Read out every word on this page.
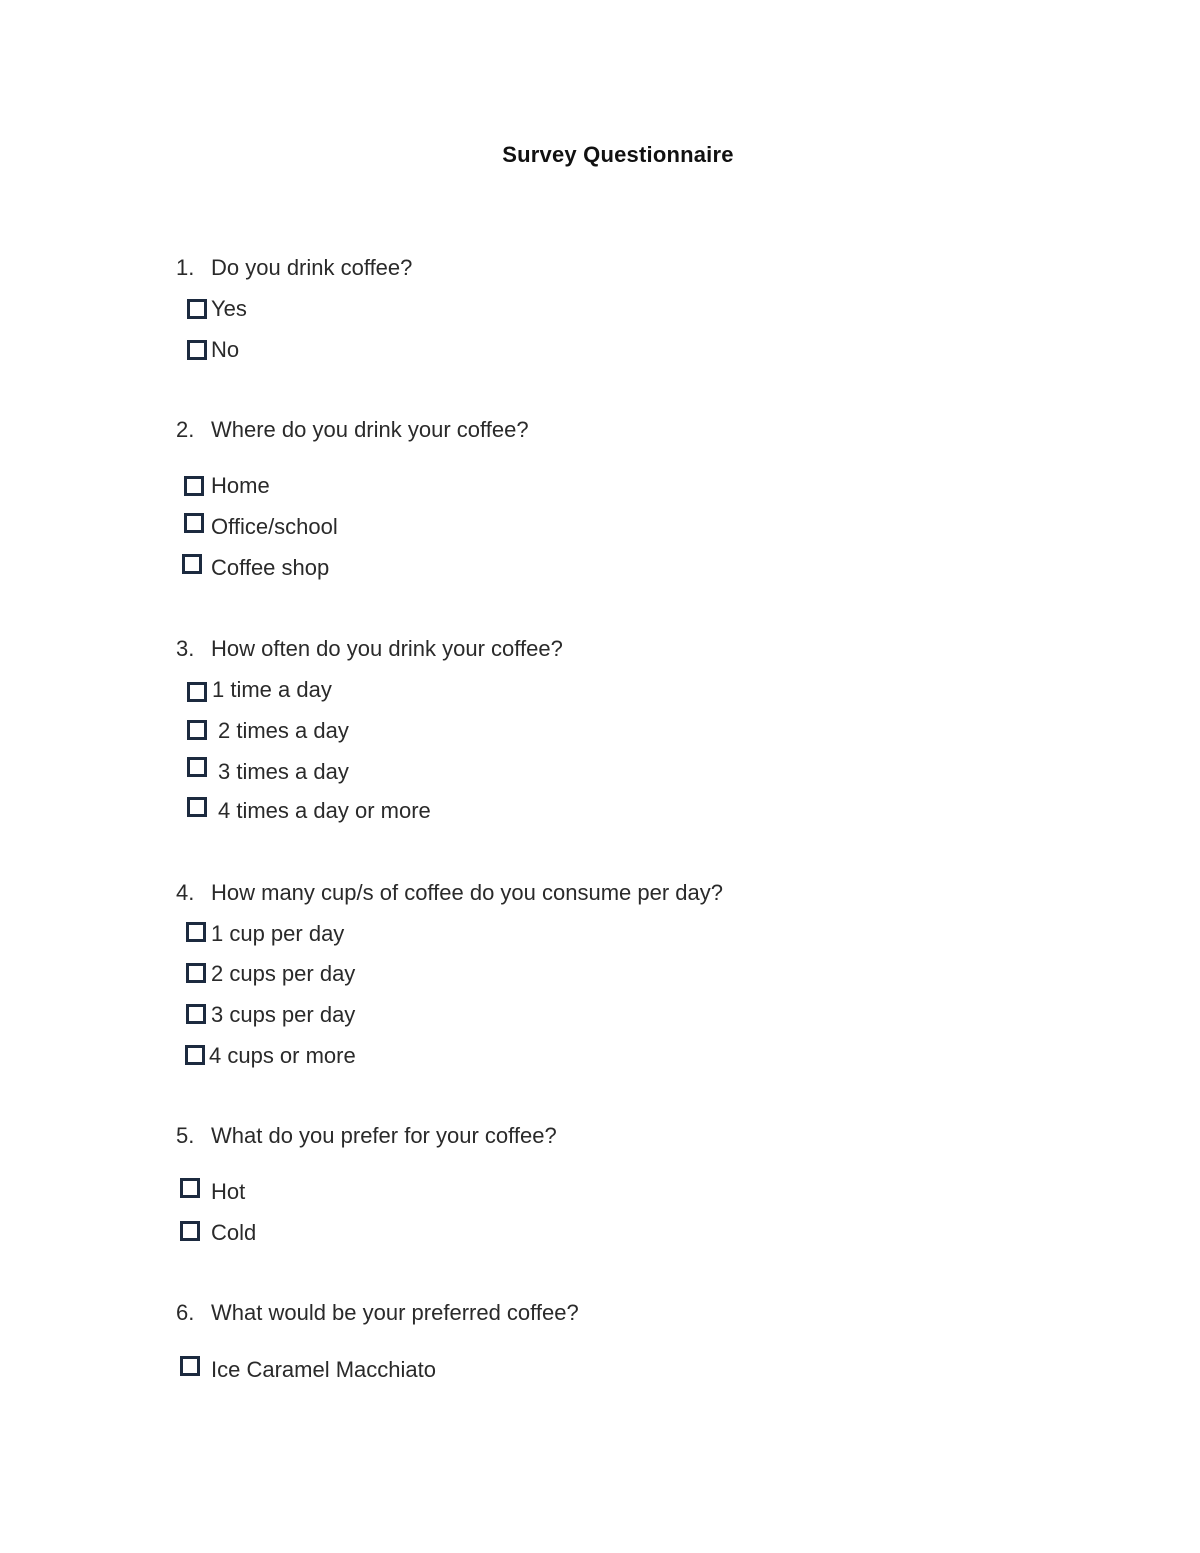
Survey Questionnaire
1. Do you drink coffee?
Yes
No
2. Where do you drink your coffee?
Home
Office/school
Coffee shop
3. How often do you drink your coffee?
1 time a day
2 times a day
3 times a day
4 times a day or more
4. How many cup/s of coffee do you consume per day?
1 cup per day
2 cups per day
3 cups per day
4 cups or more
5. What do you prefer for your coffee?
Hot
Cold
6. What would be your preferred coffee?
Ice Caramel Macchiato
